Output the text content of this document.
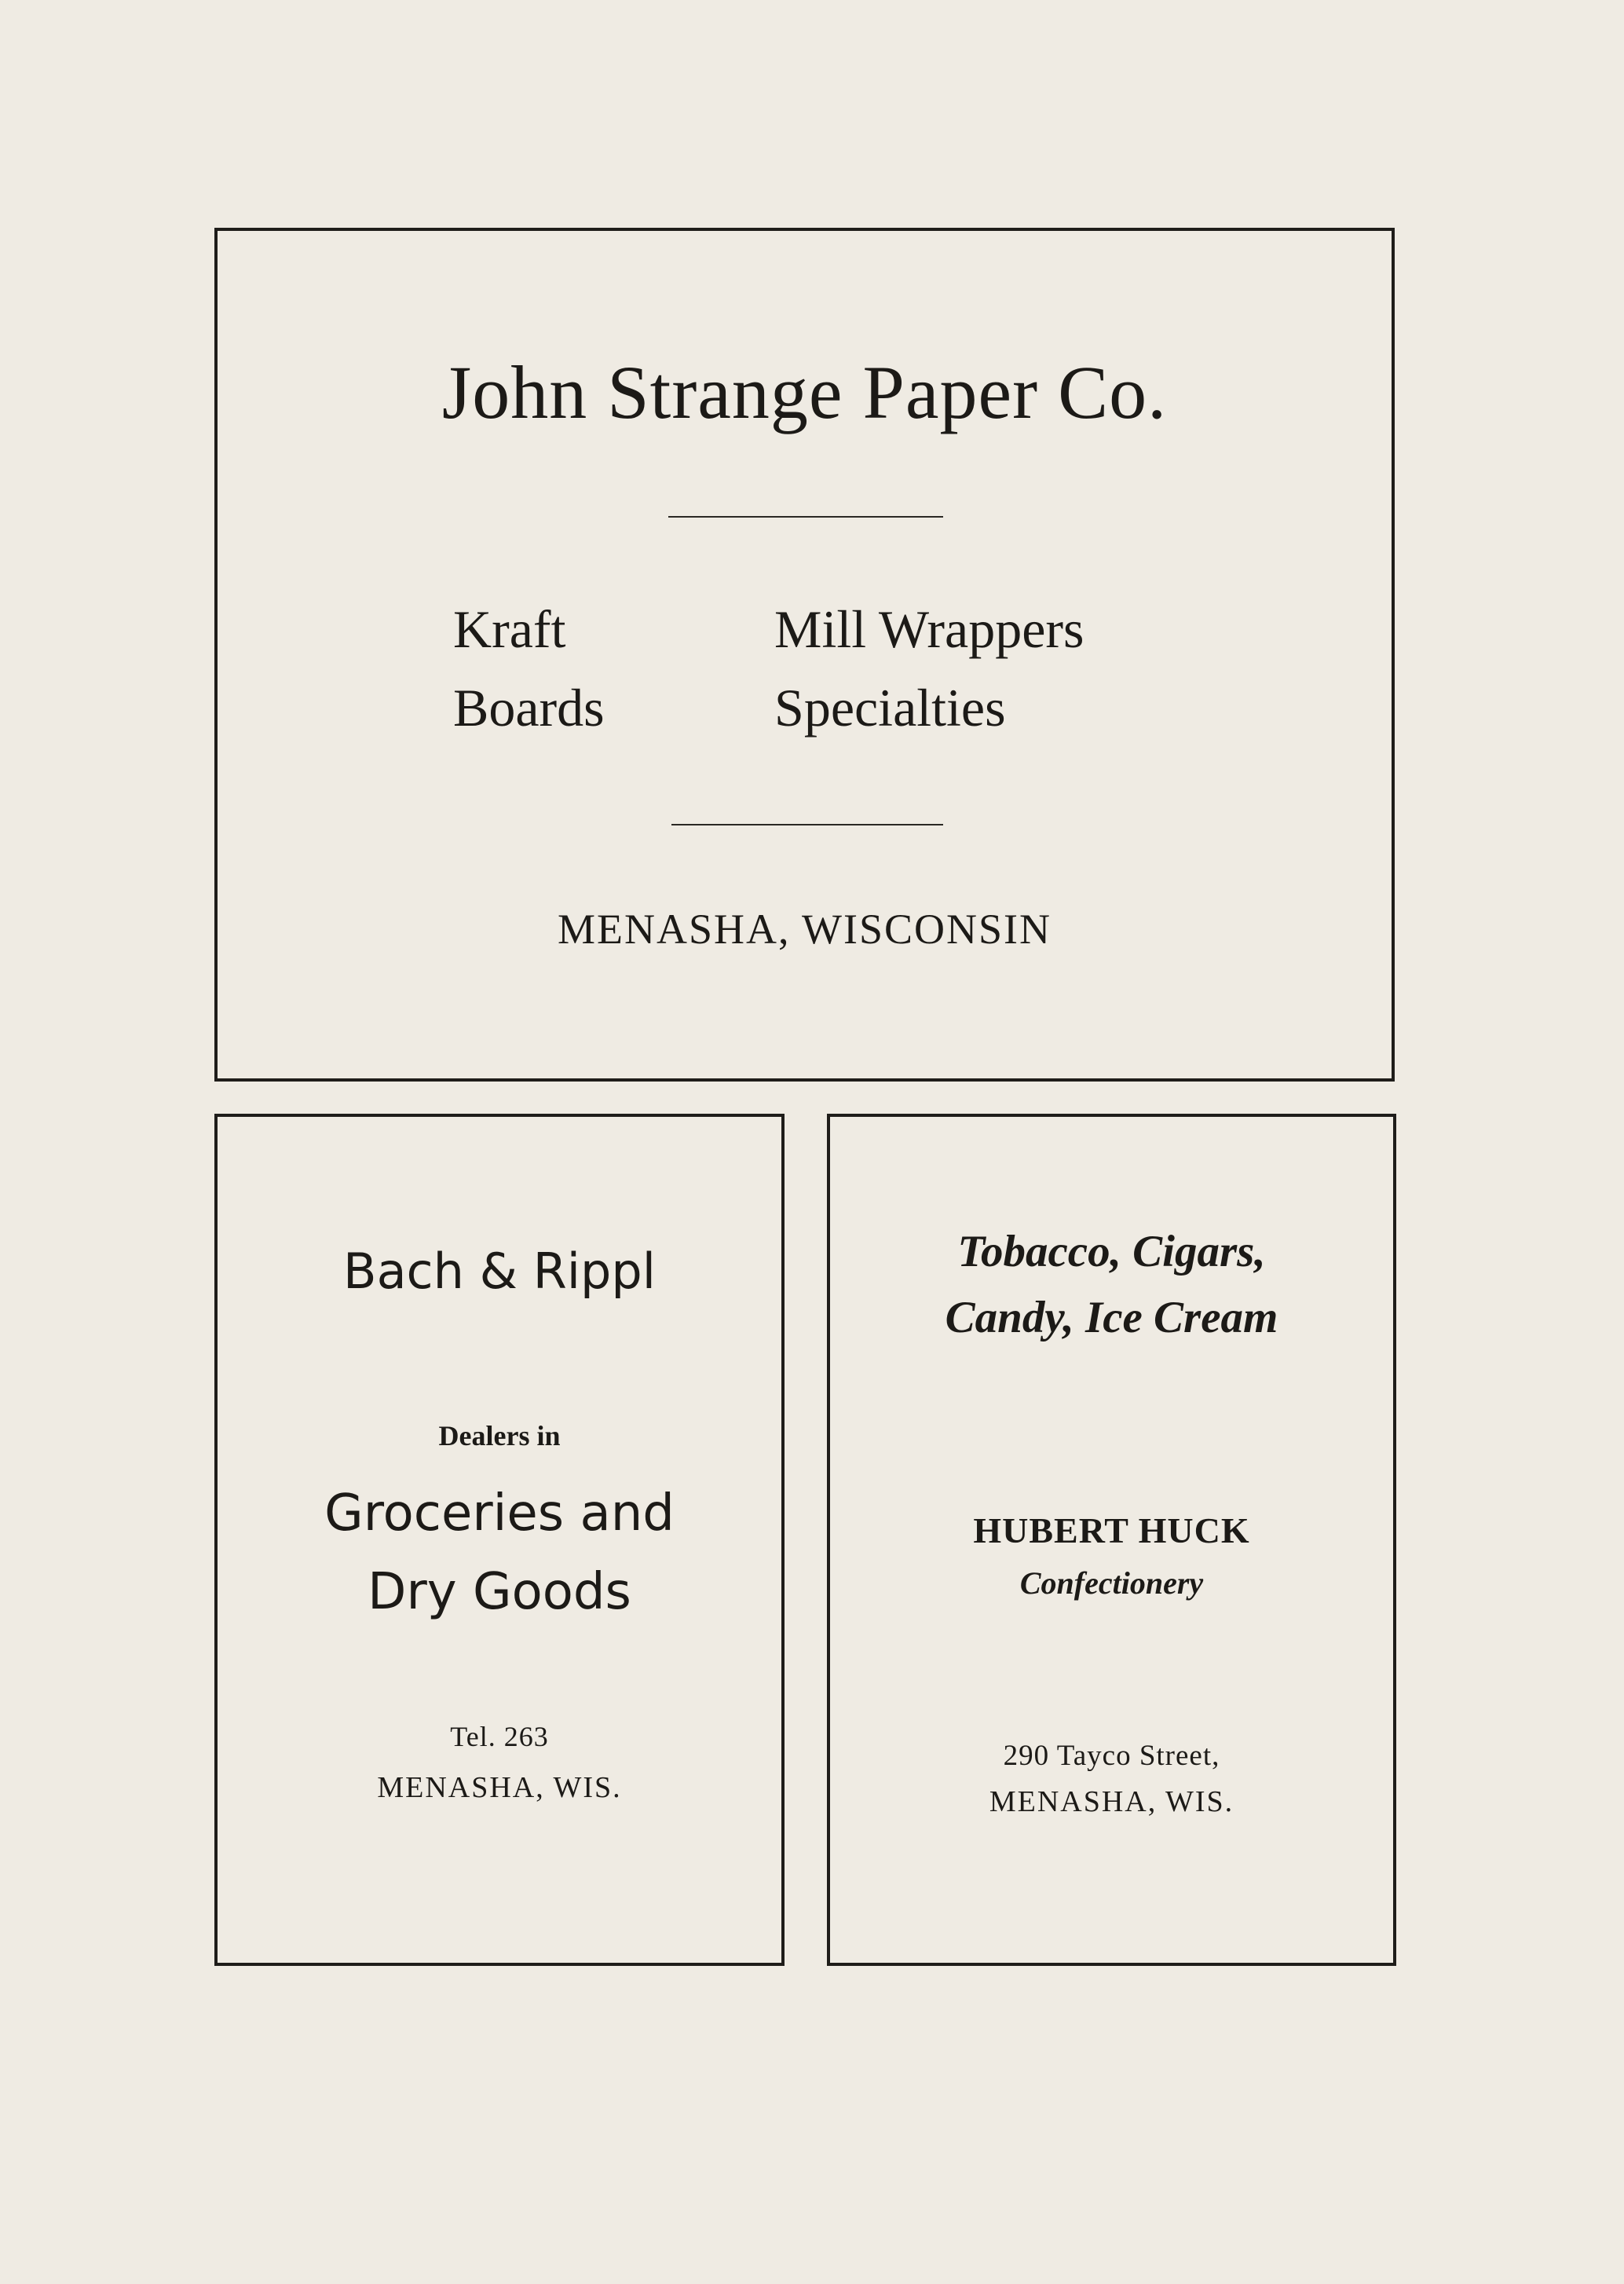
John Strange Paper Co.
Kraft
Boards
Mill Wrappers
Specialties
MENASHA, WISCONSIN
Bach & Rippl
Dealers in
Groceries and
Dry Goods
Tel. 263
MENASHA, WIS.
Tobacco, Cigars,
Candy, Ice Cream
HUBERT HUCK
Confectionery
290 Tayco Street,
MENASHA, WIS.
